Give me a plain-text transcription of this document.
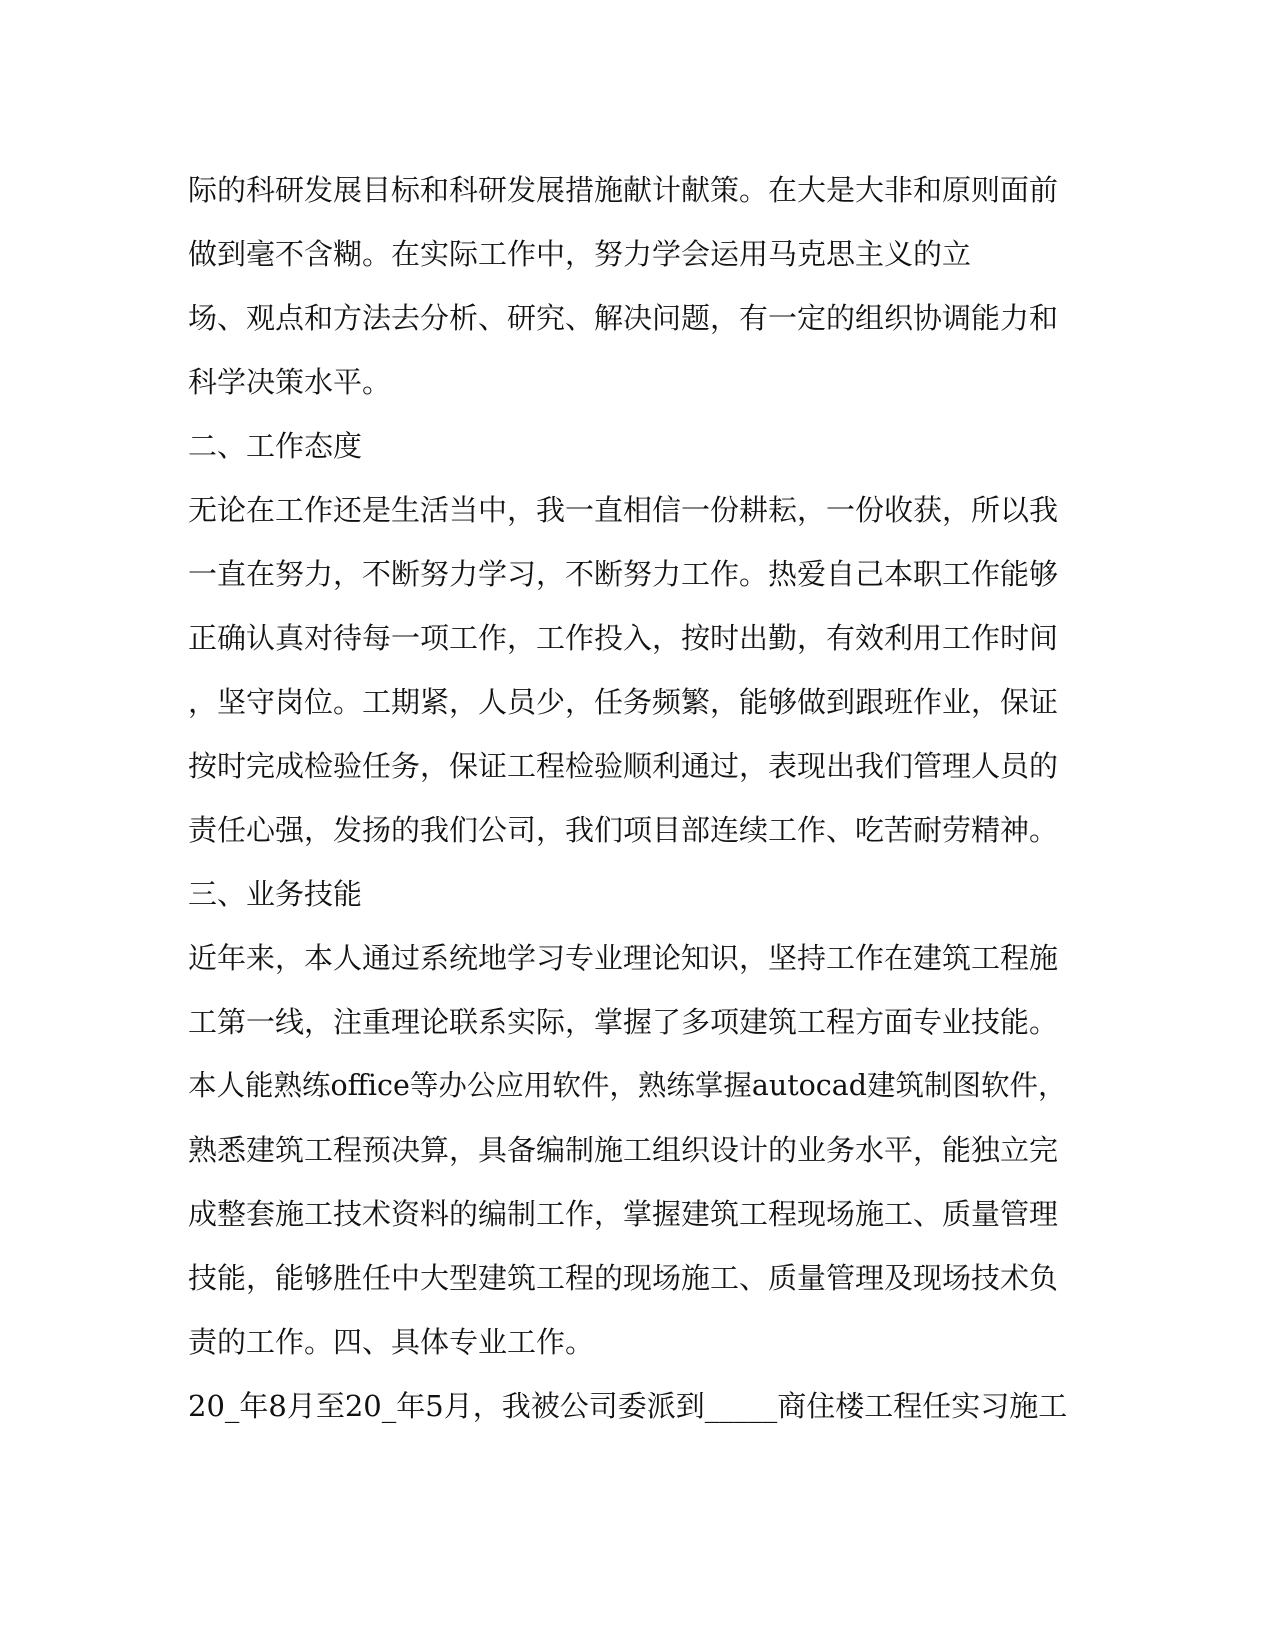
际的科研发展目标和科研发展措施献计献策。在大是大非和原则面前
做到毫不含糊。在实际工作中，努力学会运用马克思主义的立
场、观点和方法去分析、研究、解决问题，有一定的组织协调能力和
科学决策水平。
二、工作态度
无论在工作还是生活当中，我一直相信一份耕耘，一份收获，所以我
一直在努力，不断努力学习，不断努力工作。热爱自己本职工作能够
正确认真对待每一项工作，工作投入，按时出勤，有效利用工作时间
，坚守岗位。工期紧，人员少，任务频繁，能够做到跟班作业，保证
按时完成检验任务，保证工程检验顺利通过，表现出我们管理人员的
责任心强，发扬的我们公司，我们项目部连续工作、吃苦耐劳精神。
三、业务技能
近年来，本人通过系统地学习专业理论知识，坚持工作在建筑工程施
工第一线，注重理论联系实际，掌握了多项建筑工程方面专业技能。
本人能熟练office等办公应用软件，熟练掌握autocad建筑制图软件，
熟悉建筑工程预决算，具备编制施工组织设计的业务水平，能独立完
成整套施工技术资料的编制工作，掌握建筑工程现场施工、质量管理
技能，能够胜任中大型建筑工程的现场施工、质量管理及现场技术负
责的工作。四、具体专业工作。
20_年8月至20_年5月，我被公司委派到_____商住楼工程任实习施工
